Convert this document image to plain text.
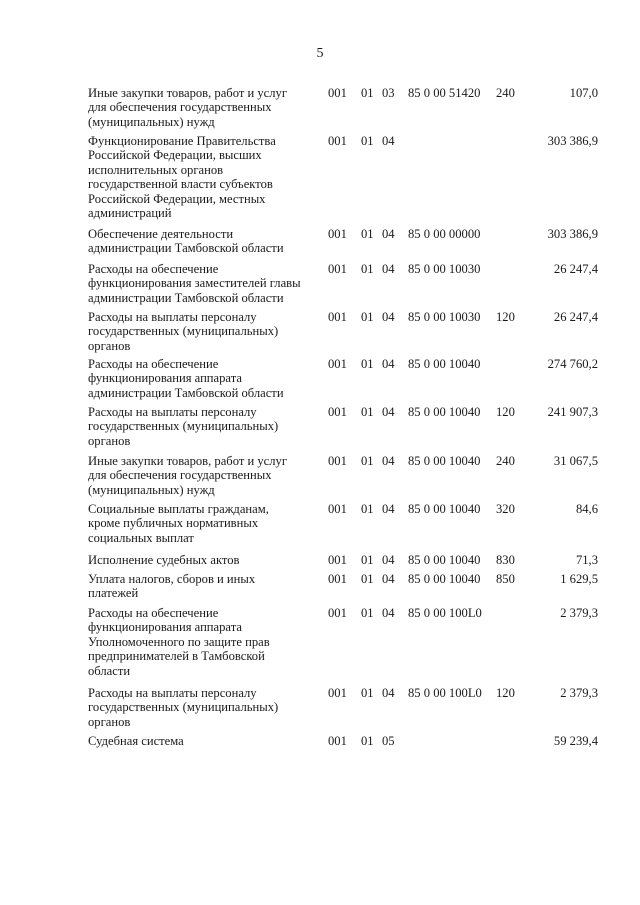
5
Иные закупки товаров, работ и услуг
для обеспечения государственных
(муниципальных) нужд
001 01 03 85 0 00 51420 240	107,0
Функционирование Правительства
Российской Федерации, высших
исполнительных органов
государственной власти субъектов
Российской Федерации, местных
администраций
001 01 04	303 386,9
Обеспечение деятельности
администрации Тамбовской области
001 01 04 85 0 00 00000	303 386,9
Расходы на обеспечение
функционирования заместителей главы
администрации Тамбовской области
001 01 04 85 0 00 10030	26 247,4
Расходы на выплаты персоналу
государственных (муниципальных)
органов
001 01 04 85 0 00 10030 120	26 247,4
Расходы на обеспечение
функционирования аппарата
администрации Тамбовской области
001 01 04 85 0 00 10040	274 760,2
Расходы на выплаты персоналу
государственных (муниципальных)
органов
001 01 04 85 0 00 10040 120	241 907,3
Иные закупки товаров, работ и услуг
для обеспечения государственных
(муниципальных) нужд
001 01 04 85 0 00 10040 240	31 067,5
Социальные выплаты гражданам,
кроме публичных нормативных
социальных выплат
001 01 04 85 0 00 10040 320	84,6
Исполнение судебных актов	001 01 04 85 0 00 10040 830	71,3
Уплата налогов, сборов и иных
платежей
001 01 04 85 0 00 10040 850	1 629,5
Расходы на обеспечение
функционирования аппарата
Уполномоченного по защите прав
предпринимателей в Тамбовской
области
001 01 04 85 0 00 100L0	2 379,3
Расходы на выплаты персоналу
государственных (муниципальных)
органов
001 01 04 85 0 00 100L0 120	2 379,3
Судебная система	001 01 05	59 239,4
